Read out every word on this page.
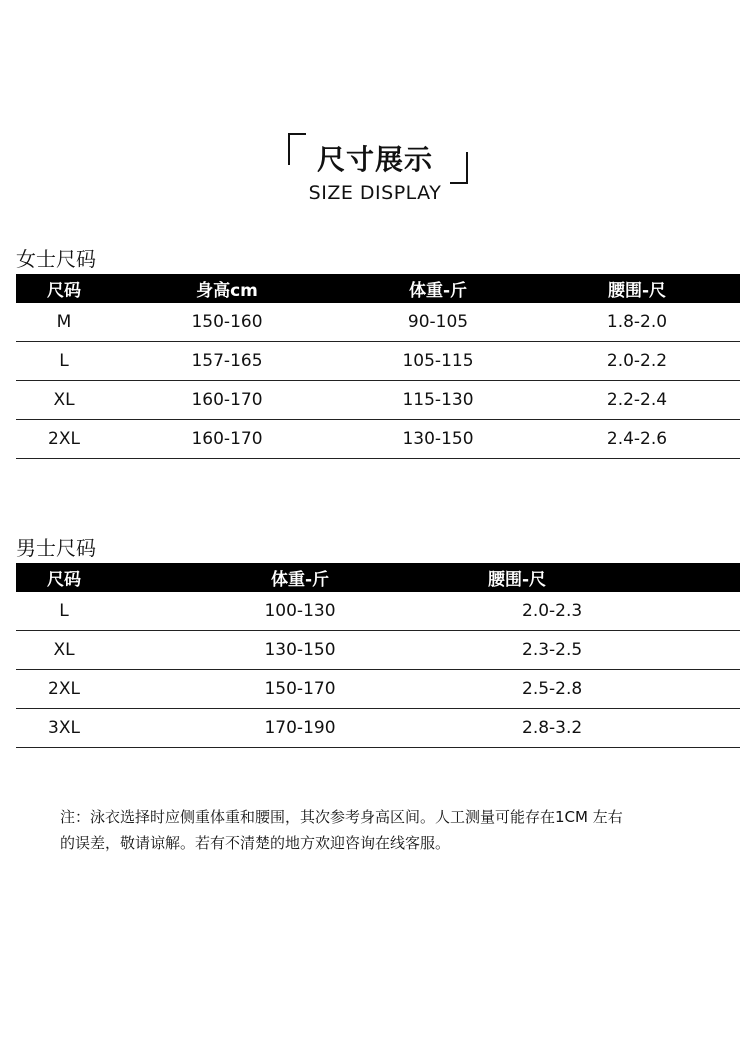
尺寸展示
SIZE DISPLAY
女士尺码
尺码	身高cm	体重-斤	腰围-尺
M	150-160	90-105	1.8-2.0
L	157-165	105-115	2.0-2.2
XL	160-170	115-130	2.2-2.4
2XL	160-170	130-150	2.4-2.6
男士尺码
尺码	体重-斤	腰围-尺
L	100-130	2.0-2.3
XL	130-150	2.3-2.5
2XL	150-170	2.5-2.8
3XL	170-190	2.8-3.2
注：泳衣选择时应侧重体重和腰围，其次参考身高区间。人工测量可能存在1CM 左右
的误差，敬请谅解。若有不清楚的地方欢迎咨询在线客服。
